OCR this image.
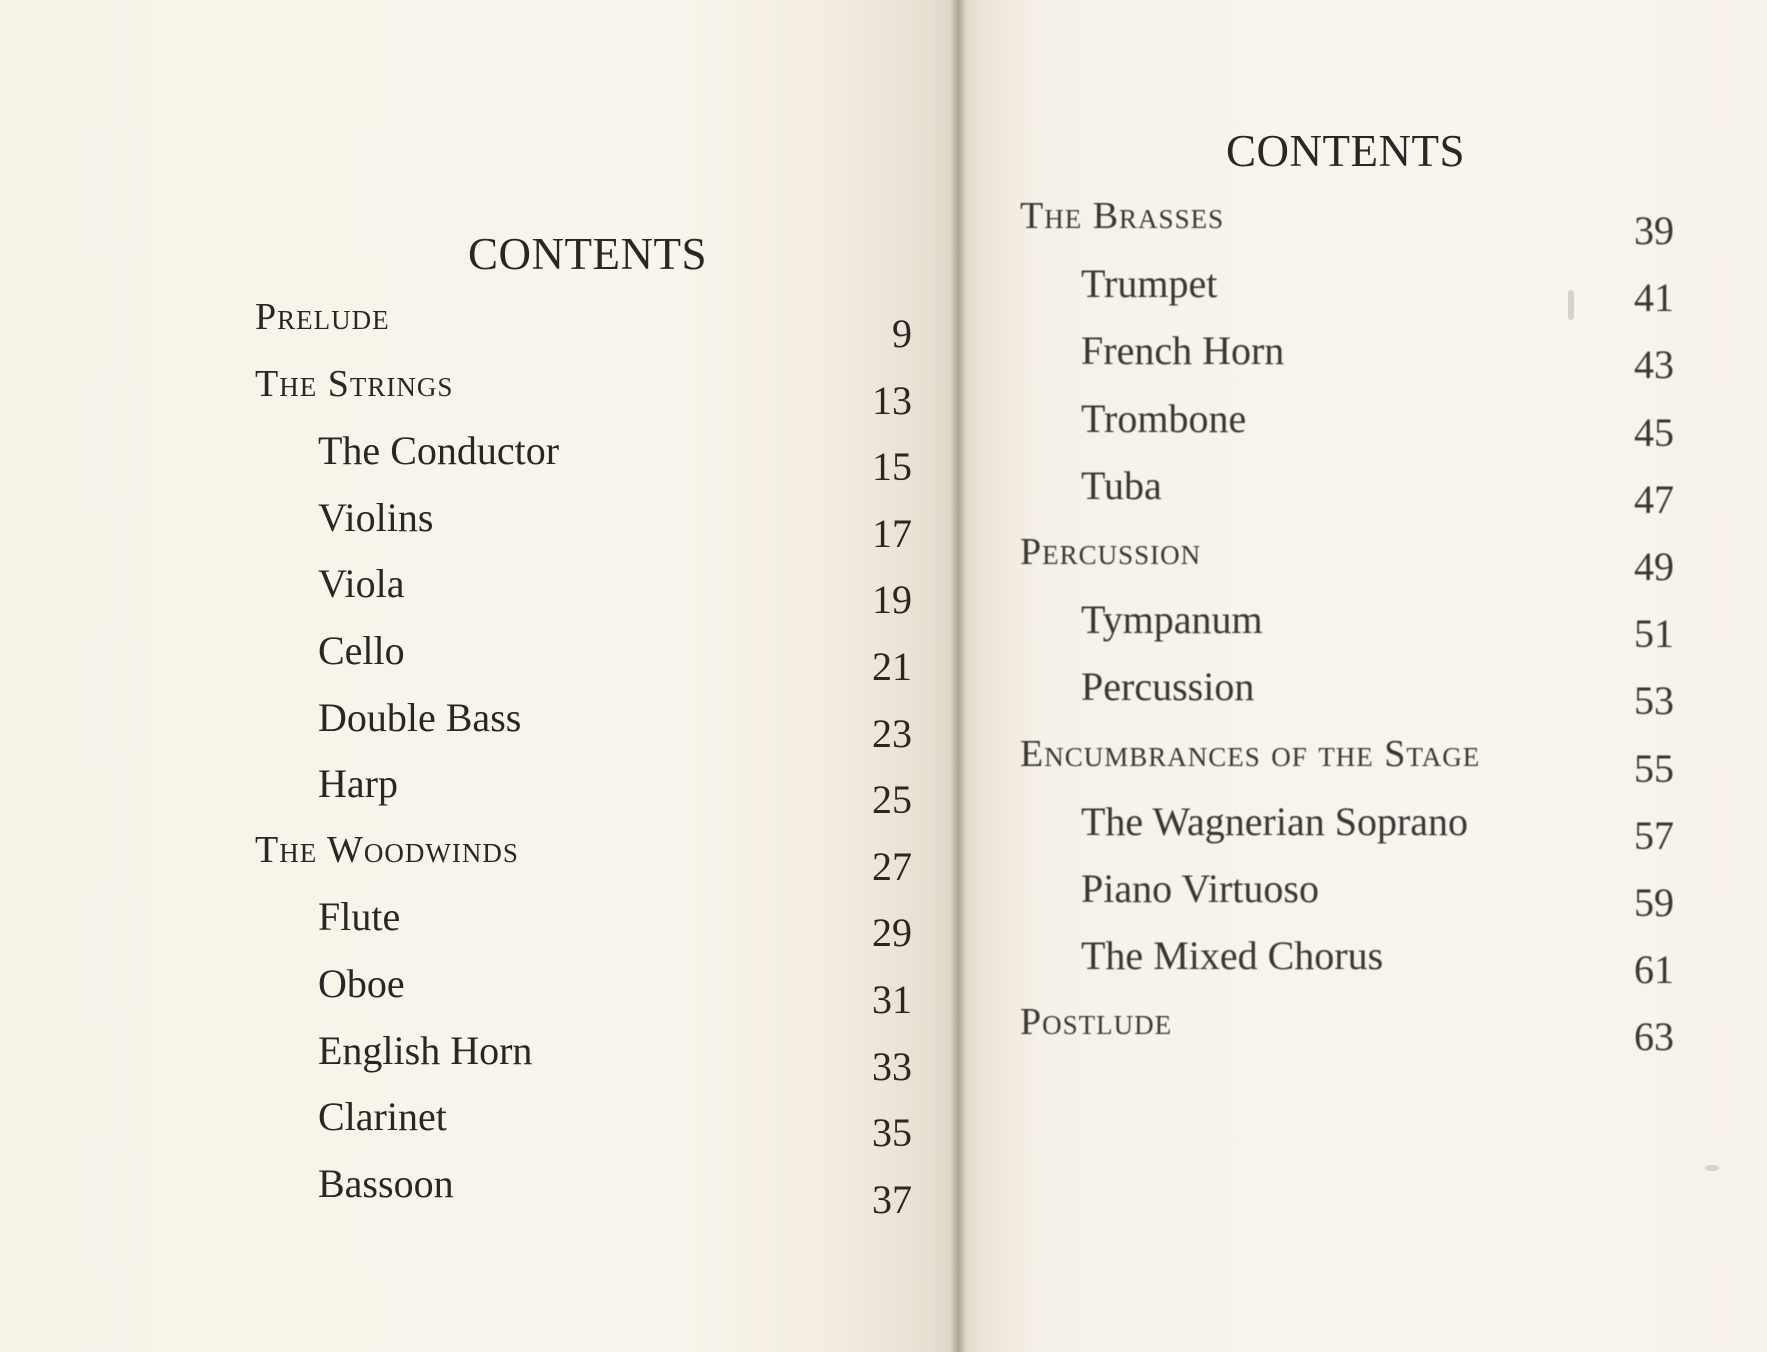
CONTENTS
Prelude	9
The Strings	13
The Conductor	15
Violins	17
Viola	19
Cello	21
Double Bass	23
Harp	25
The Woodwinds	27
Flute	29
Oboe	31
English Horn	33
Clarinet	35
Bassoon	37
CONTENTS
The Brasses	39
Trumpet	41
French Horn	43
Trombone	45
Tuba	47
Percussion	49
Tympanum	51
Percussion	53
Encumbrances of the Stage	55
The Wagnerian Soprano	57
Piano Virtuoso	59
The Mixed Chorus	61
Postlude	63
